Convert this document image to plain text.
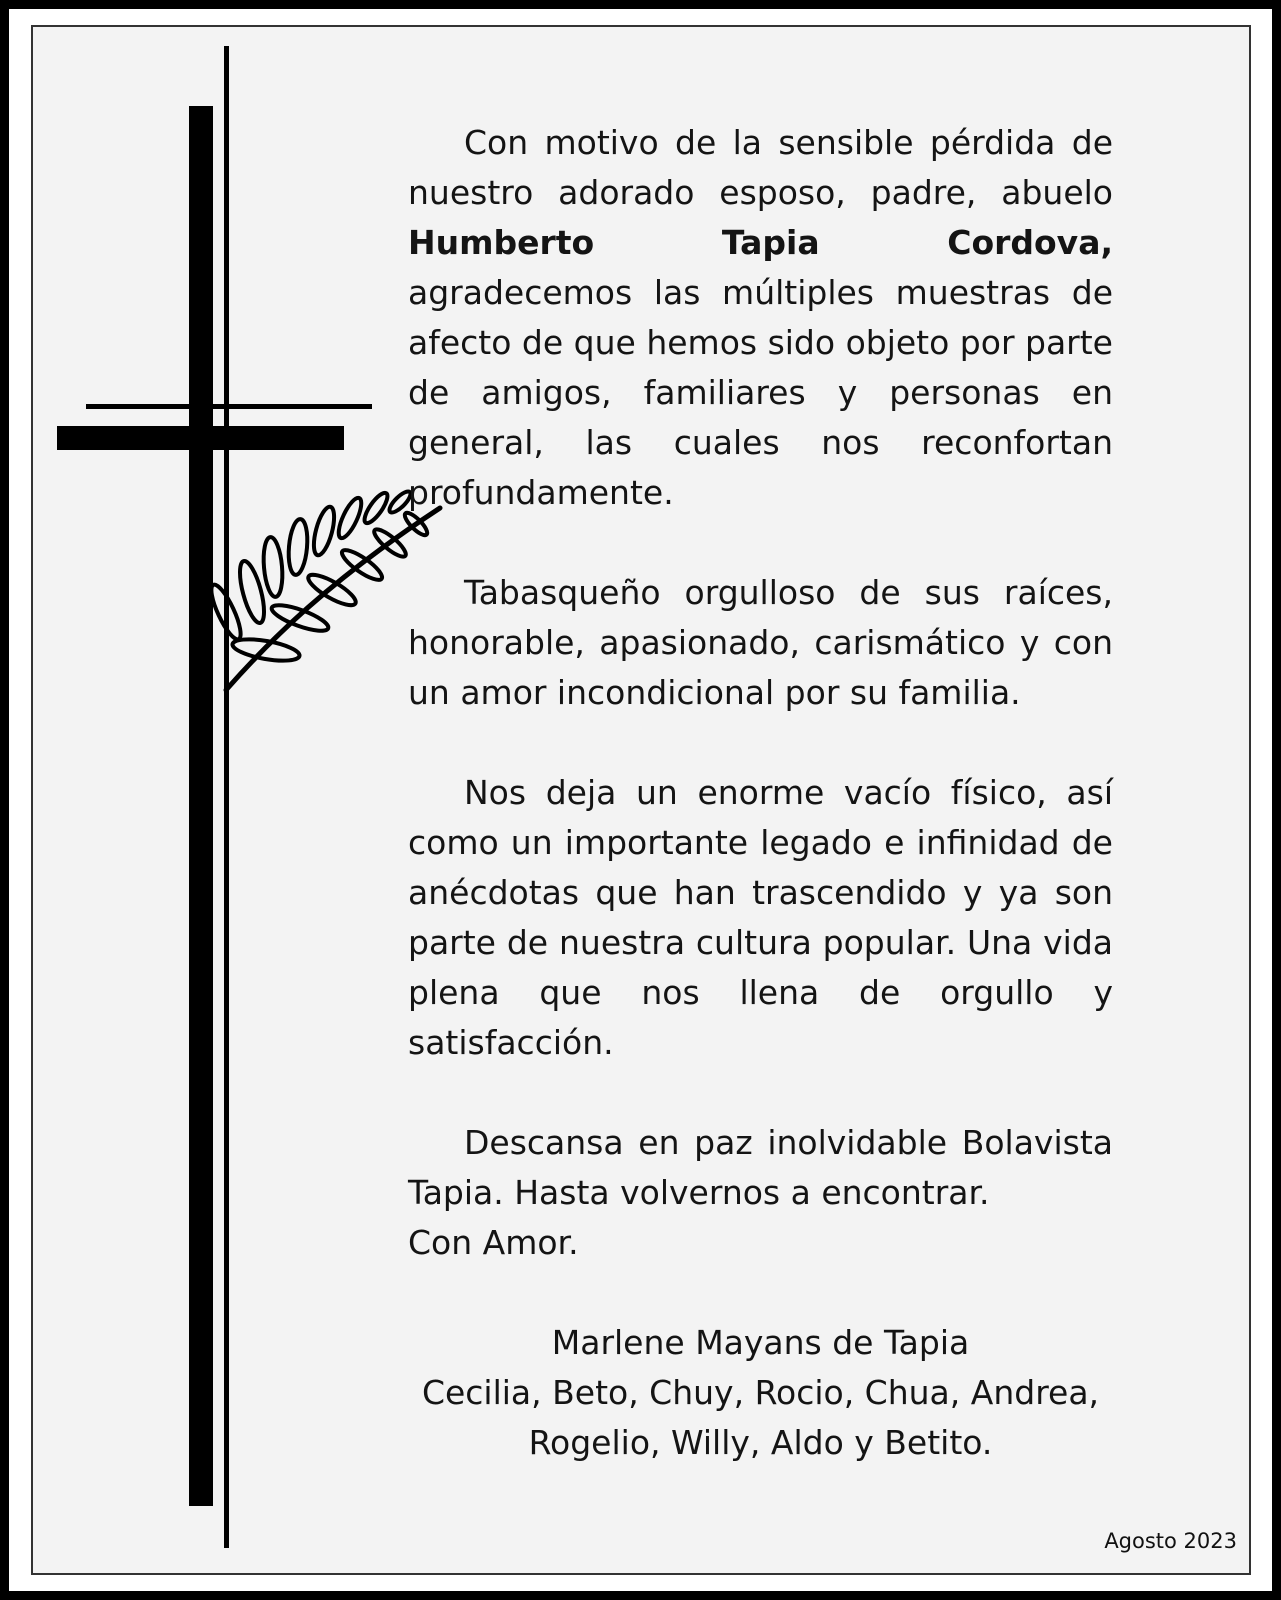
Con motivo de la sensible pérdida de nuestro adorado esposo, padre, abuelo Humberto Tapia Cordova, agradecemos las múltiples muestras de afecto de que hemos sido objeto por parte de amigos, familiares y personas en general, las cuales nos reconfortan profundamente.

Tabasqueño orgulloso de sus raíces, honorable, apasionado, carismático y con un amor incondicional por su familia.

Nos deja un enorme vacío físico, así como un importante legado e infinidad de anécdotas que han trascendido y ya son parte de nuestra cultura popular. Una vida plena que nos llena de orgullo y satisfacción.

Descansa en paz inolvidable Bolavista Tapia. Hasta volvernos a encontrar.

Con Amor.

Marlene Mayans de Tapia
Cecilia, Beto, Chuy, Rocio, Chua, Andrea,
Rogelio, Willy, Aldo y Betito.
Agosto 2023
